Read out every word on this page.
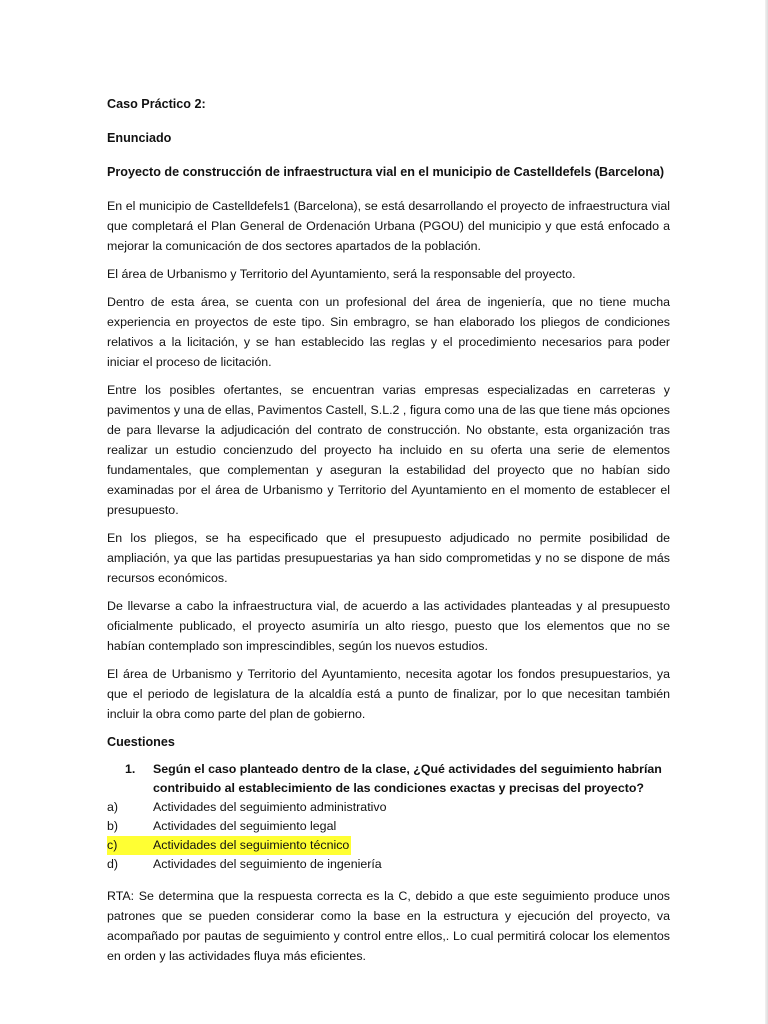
Caso Práctico 2:
Enunciado
Proyecto de construcción de infraestructura vial en el municipio de Castelldefels (Barcelona)

En el municipio de Castelldefels1 (Barcelona), se está desarrollando el proyecto de infraestructura vial que completará el Plan General de Ordenación Urbana (PGOU) del municipio y que está enfocado a mejorar la comunicación de dos sectores apartados de la población.

El área de Urbanismo y Territorio del Ayuntamiento, será la responsable del proyecto.

Dentro de esta área, se cuenta con un profesional del área de ingeniería, que no tiene mucha experiencia en proyectos de este tipo. Sin embragro, se han elaborado los pliegos de condiciones relativos a la licitación, y se han establecido las reglas y el procedimiento necesarios para poder iniciar el proceso de licitación.

Entre los posibles ofertantes, se encuentran varias empresas especializadas en carreteras y pavimentos y una de ellas, Pavimentos Castell, S.L.2 , figura como una de las que tiene más opciones de para llevarse la adjudicación del contrato de construcción. No obstante, esta organización tras realizar un estudio concienzudo del proyecto ha incluido en su oferta una serie de elementos fundamentales, que complementan y aseguran la estabilidad del proyecto que no habían sido examinadas por el área de Urbanismo y Territorio del Ayuntamiento en el momento de establecer el presupuesto.

En los pliegos, se ha especificado que el presupuesto adjudicado no permite posibilidad de ampliación, ya que las partidas presupuestarias ya han sido comprometidas y no se dispone de más recursos económicos.

De llevarse a cabo la infraestructura vial, de acuerdo a las actividades planteadas y al presupuesto oficialmente publicado, el proyecto asumiría un alto riesgo, puesto que los elementos que no se habían contemplado son imprescindibles, según los nuevos estudios.

El área de Urbanismo y Territorio del Ayuntamiento, necesita agotar los fondos presupuestarios, ya que el periodo de legislatura de la alcaldía está a punto de finalizar, por lo que necesitan también incluir la obra como parte del plan de gobierno.

Cuestiones
1.	Según el caso planteado dentro de la clase, ¿Qué actividades del seguimiento habrían contribuido al establecimiento de las condiciones exactas y precisas del proyecto?
a)	Actividades del seguimiento administrativo
b)	Actividades del seguimiento legal
c)	Actividades del seguimiento técnico
d)	Actividades del seguimiento de ingeniería

RTA: Se determina que la respuesta correcta es la C, debido a que este seguimiento produce unos patrones que se pueden considerar como la base en la estructura y ejecución del proyecto, va acompañado por pautas de seguimiento y control entre ellos,. Lo cual permitirá colocar los elementos en orden y las actividades fluya más eficientes.
